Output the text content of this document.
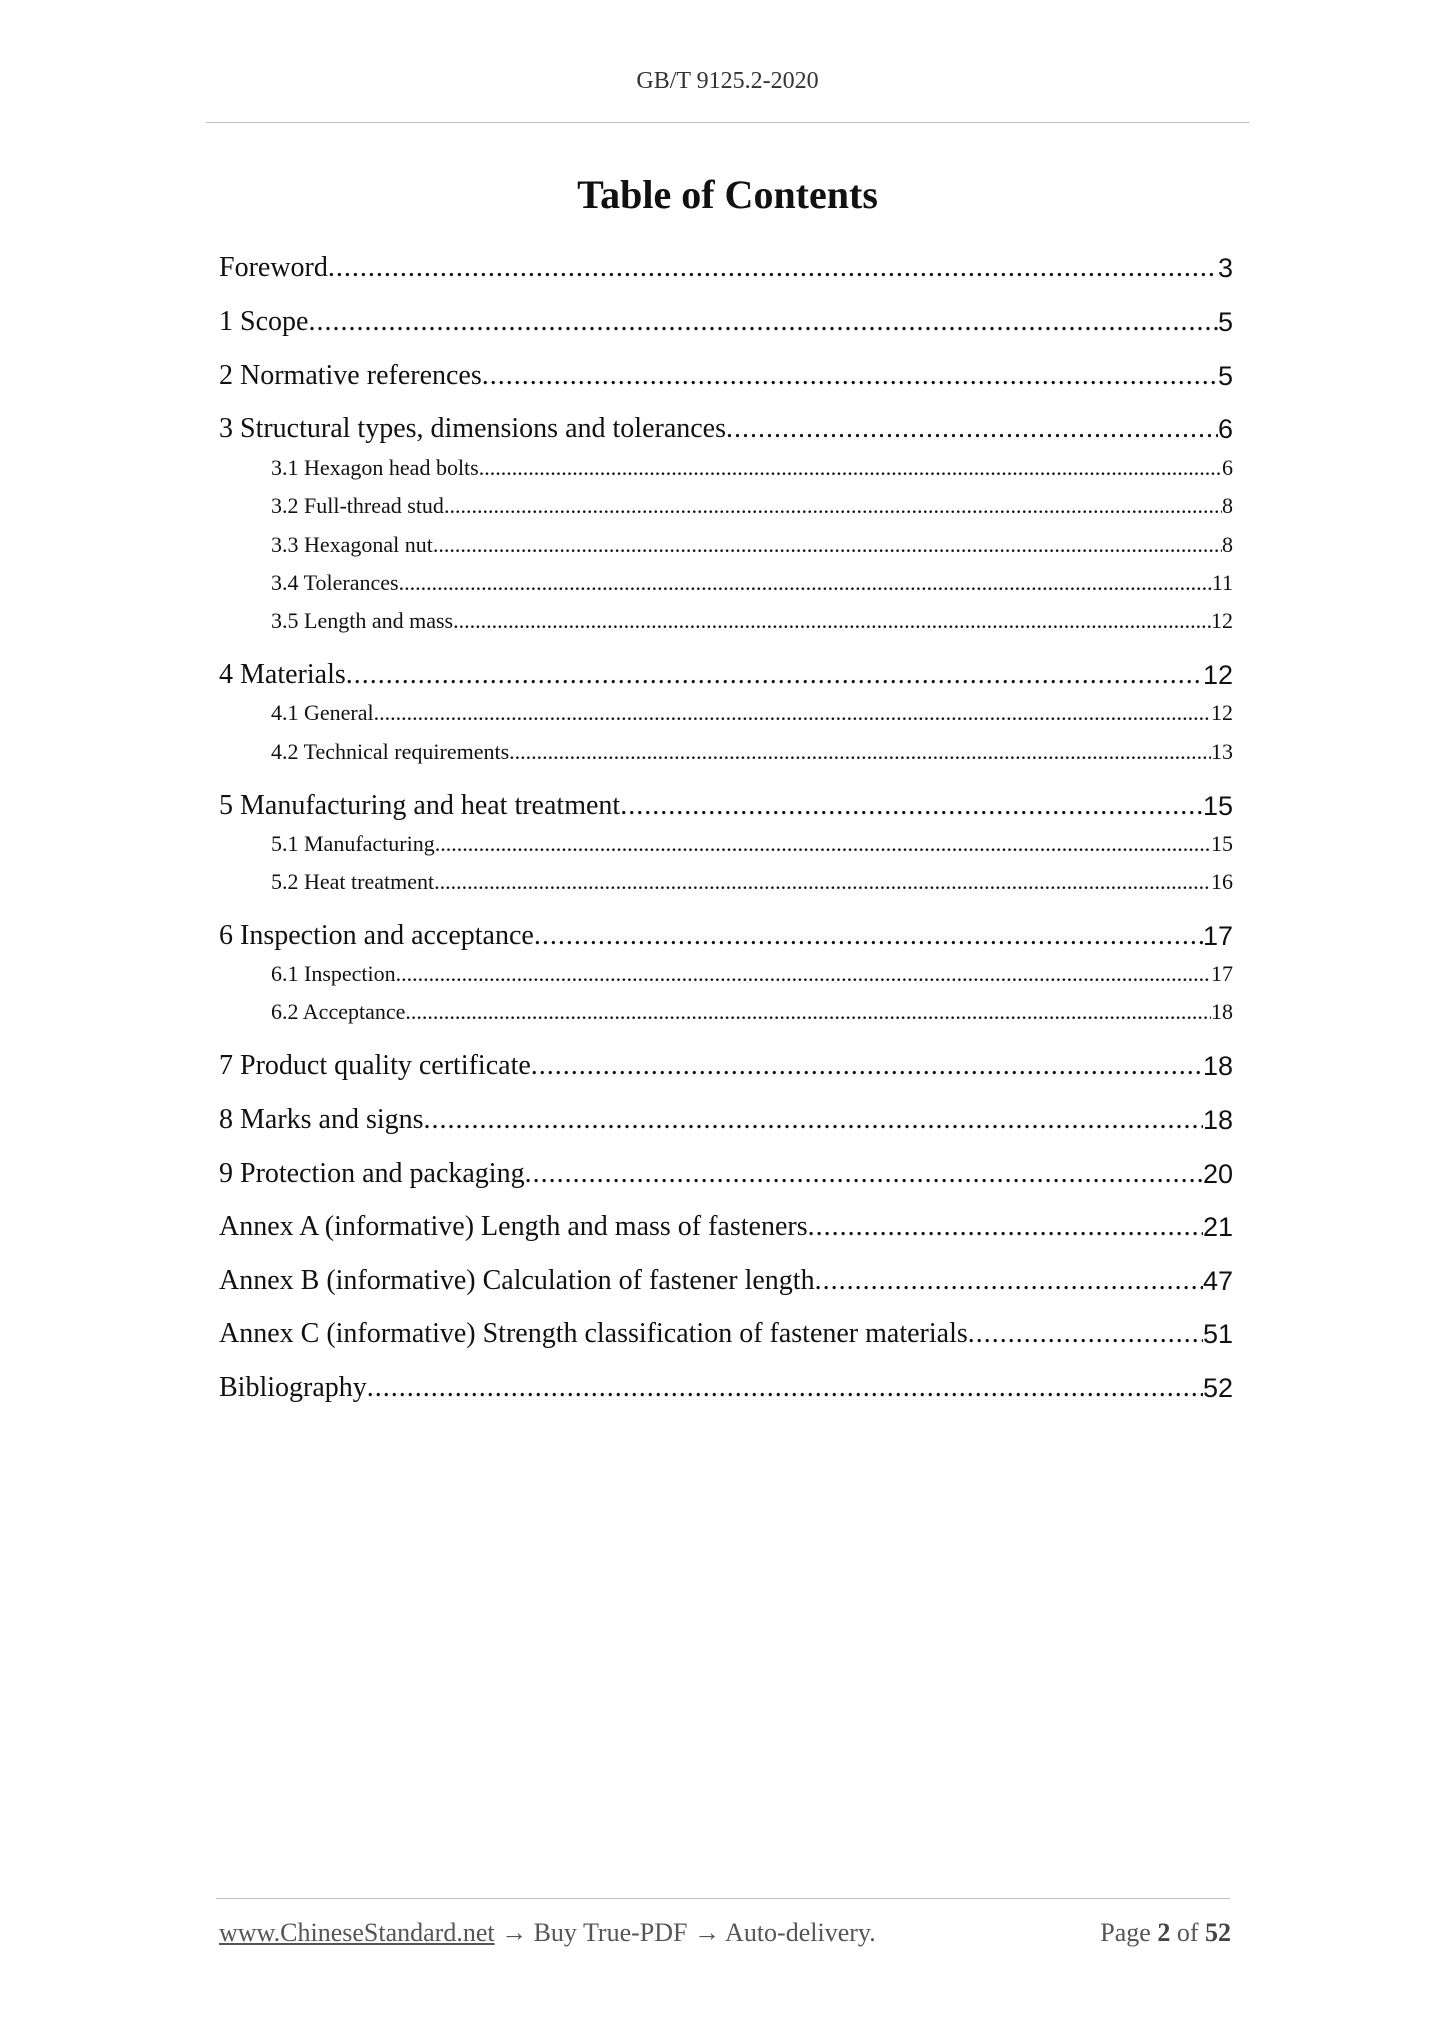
GB/T 9125.2-2020
Table of Contents
Foreword .....	3
1 Scope .....	5
2 Normative references .....	5
3 Structural types, dimensions and tolerances .....	6
3.1 Hexagon head bolts .....	6
3.2 Full-thread stud .....	8
3.3 Hexagonal nut .....	8
3.4 Tolerances .....	11
3.5 Length and mass .....	12
4 Materials .....	12
4.1 General .....	12
4.2 Technical requirements .....	13
5 Manufacturing and heat treatment .....	15
5.1 Manufacturing .....	15
5.2 Heat treatment .....	16
6 Inspection and acceptance .....	17
6.1 Inspection .....	17
6.2 Acceptance .....	18
7 Product quality certificate .....	18
8 Marks and signs .....	18
9 Protection and packaging .....	20
Annex A (informative) Length and mass of fasteners .....	21
Annex B (informative) Calculation of fastener length .....	47
Annex C (informative) Strength classification of fastener materials .....	51
Bibliography .....	52
www.ChineseStandard.net → Buy True-PDF → Auto-delivery.	Page 2 of 52
